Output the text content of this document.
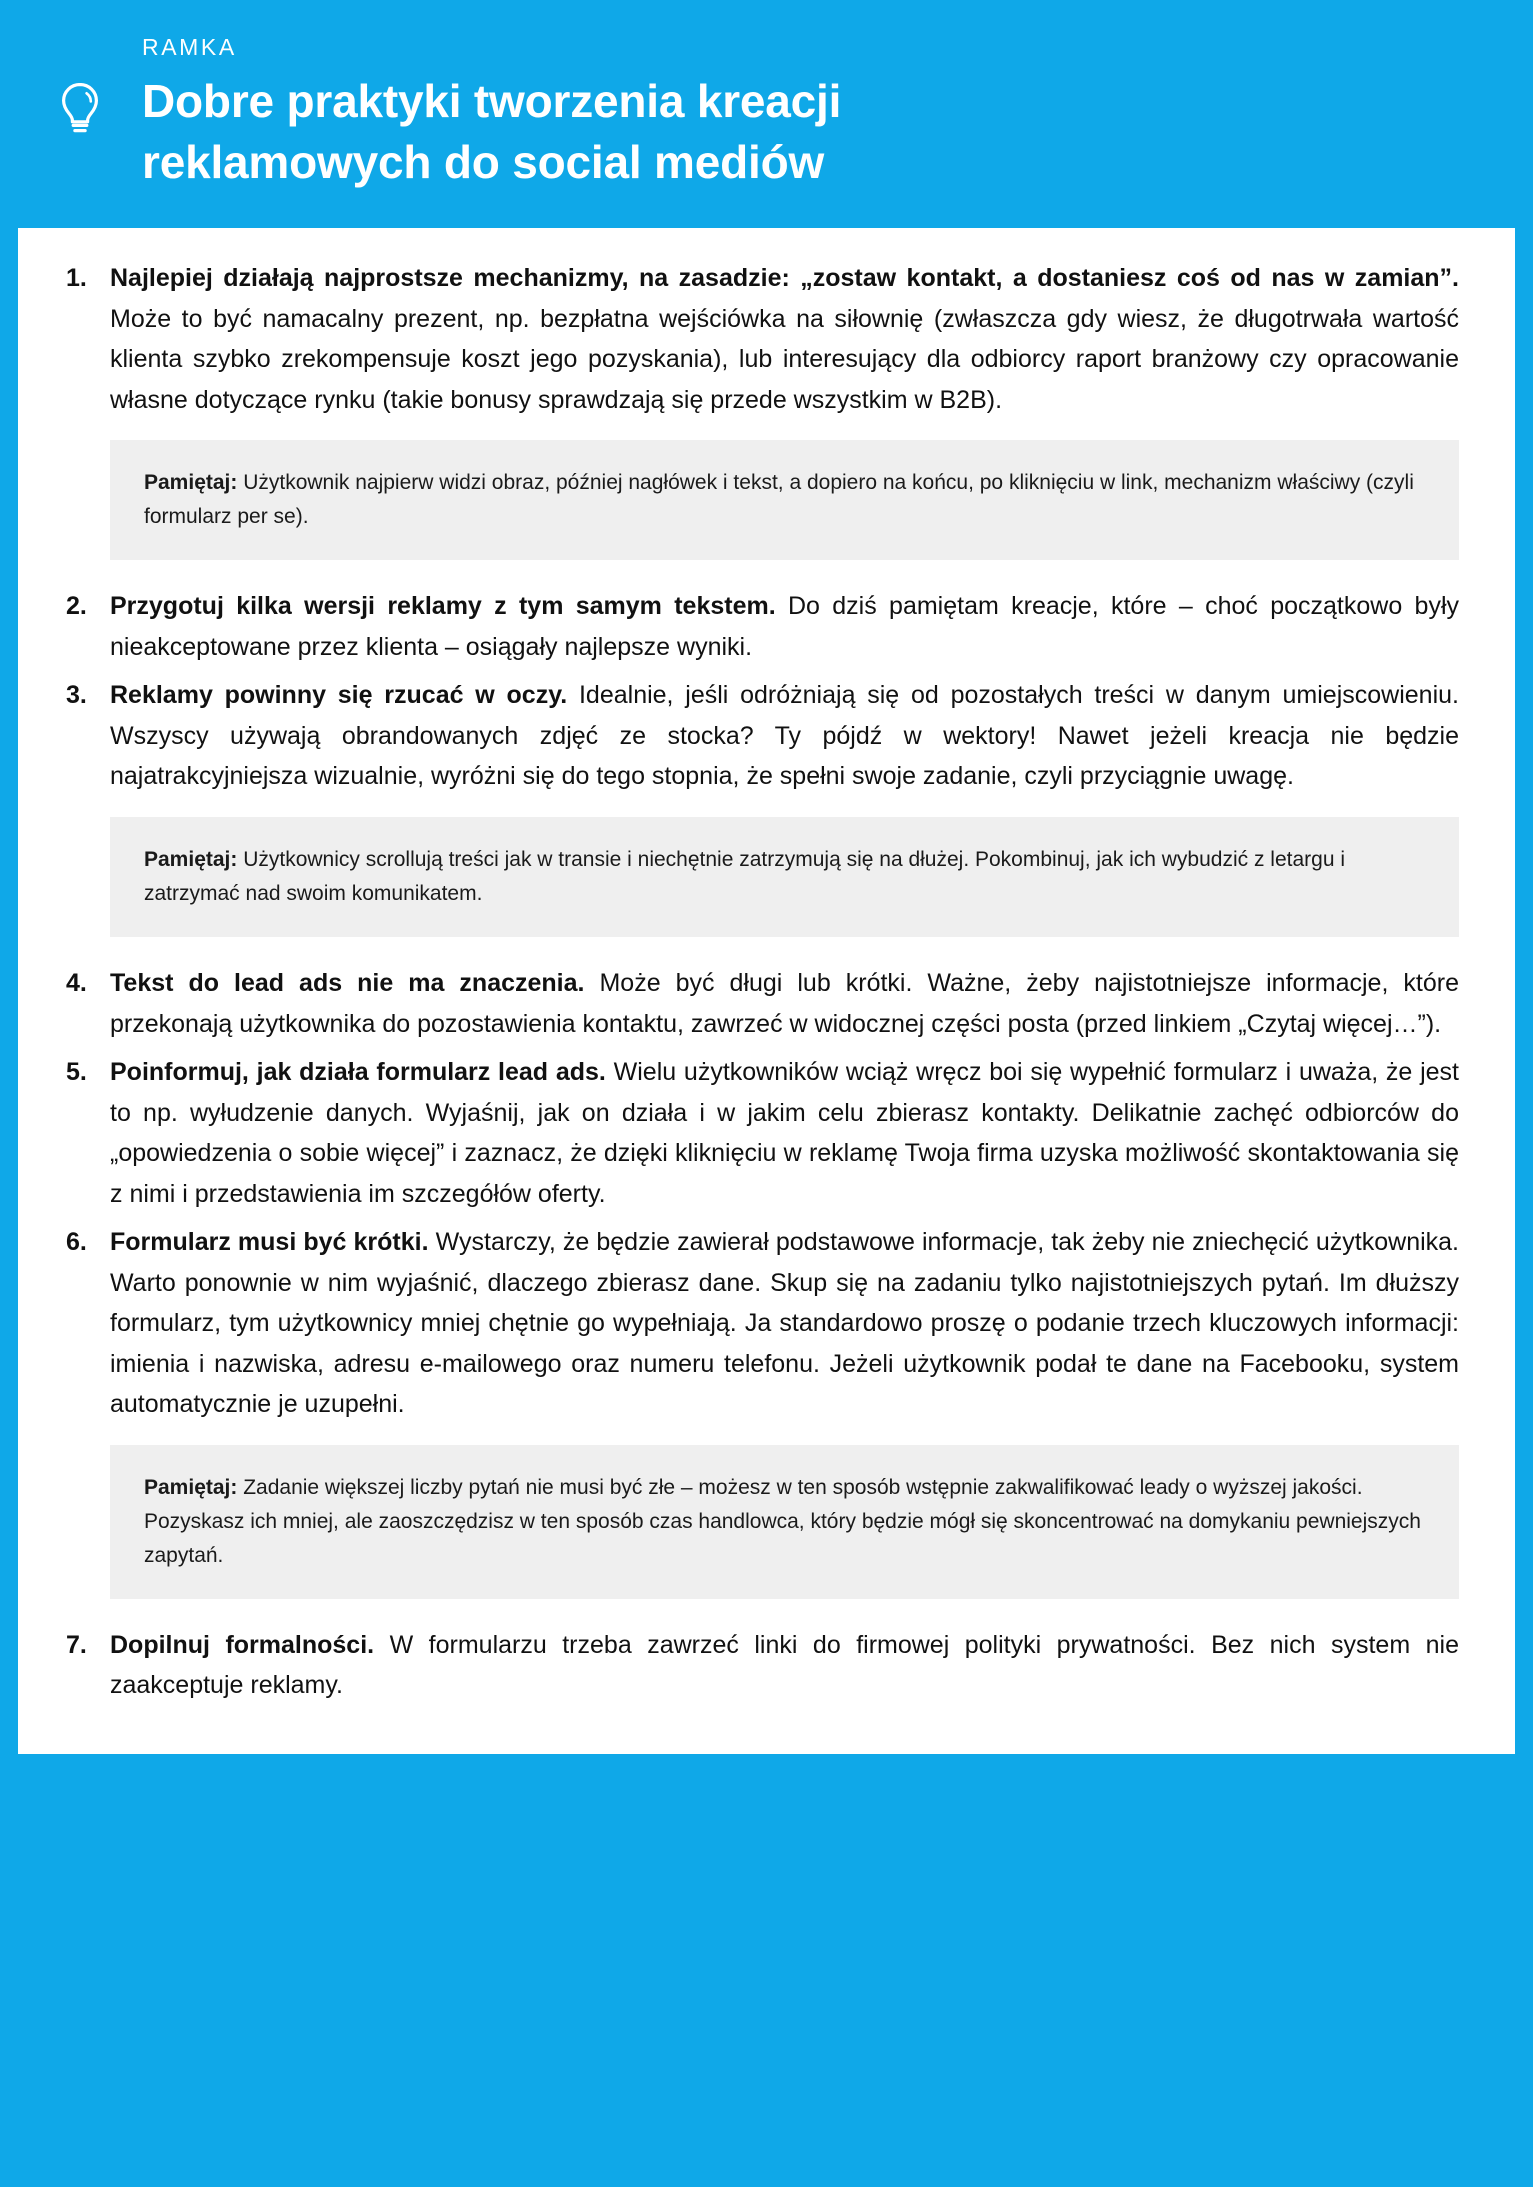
RAMKA
Dobre praktyki tworzenia kreacji
reklamowych do social mediów
1. Najlepiej działają najprostsze mechanizmy, na zasadzie: „zostaw kontakt, a dostaniesz coś od nas w zamian”. Może to być namacalny prezent, np. bezpłatna wejściówka na siłownię (zwłaszcza gdy wiesz, że długotrwała wartość klienta szybko zrekompensuje koszt jego pozyskania), lub interesujący dla odbiorcy raport branżowy czy opracowanie własne dotyczące rynku (takie bonusy sprawdzają się przede wszystkim w B2B).
Pamiętaj: Użytkownik najpierw widzi obraz, później nagłówek i tekst, a dopiero na końcu, po kliknięciu w link, mechanizm właściwy (czyli formularz per se).
2. Przygotuj kilka wersji reklamy z tym samym tekstem. Do dziś pamiętam kreacje, które – choć początkowo były nieakceptowane przez klienta – osiągały najlepsze wyniki.
3. Reklamy powinny się rzucać w oczy. Idealnie, jeśli odróżniają się od pozostałych treści w danym umiejscowieniu. Wszyscy używają obrandowanych zdjęć ze stocka? Ty pójdź w wektory! Nawet jeżeli kreacja nie będzie najatrakcyjniejsza wizualnie, wyróżni się do tego stopnia, że spełni swoje zadanie, czyli przyciągnie uwagę.
Pamiętaj: Użytkownicy scrollują treści jak w transie i niechętnie zatrzymują się na dłużej. Pokombinuj, jak ich wybudzić z letargu i zatrzymać nad swoim komunikatem.
4. Tekst do lead ads nie ma znaczenia. Może być długi lub krótki. Ważne, żeby najistotniejsze informacje, które przekonają użytkownika do pozostawienia kontaktu, zawrzeć w widocznej części posta (przed linkiem „Czytaj więcej…”).
5. Poinformuj, jak działa formularz lead ads. Wielu użytkowników wciąż wręcz boi się wypełnić formularz i uważa, że jest to np. wyłudzenie danych. Wyjaśnij, jak on działa i w jakim celu zbierasz kontakty. Delikatnie zachęć odbiorców do „opowiedzenia o sobie więcej” i zaznacz, że dzięki kliknięciu w reklamę Twoja firma uzyska możliwość skontaktowania się z nimi i przedstawienia im szczegółów oferty.
6. Formularz musi być krótki. Wystarczy, że będzie zawierał podstawowe informacje, tak żeby nie zniechęcić użytkownika. Warto ponownie w nim wyjaśnić, dlaczego zbierasz dane. Skup się na zadaniu tylko najistotniejszych pytań. Im dłuższy formularz, tym użytkownicy mniej chętnie go wypełniają. Ja standardowo proszę o podanie trzech kluczowych informacji: imienia i nazwiska, adresu e-mailowego oraz numeru telefonu. Jeżeli użytkownik podał te dane na Facebooku, system automatycznie je uzupełni.
Pamiętaj: Zadanie większej liczby pytań nie musi być złe – możesz w ten sposób wstępnie zakwalifikować leady o wyższej jakości. Pozyskasz ich mniej, ale zaoszczędzisz w ten sposób czas handlowca, który będzie mógł się skoncentrować na domykaniu pewniejszych zapytań.
7. Dopilnuj formalności. W formularzu trzeba zawrzeć linki do firmowej polityki prywatności. Bez nich system nie zaakceptuje reklamy.
